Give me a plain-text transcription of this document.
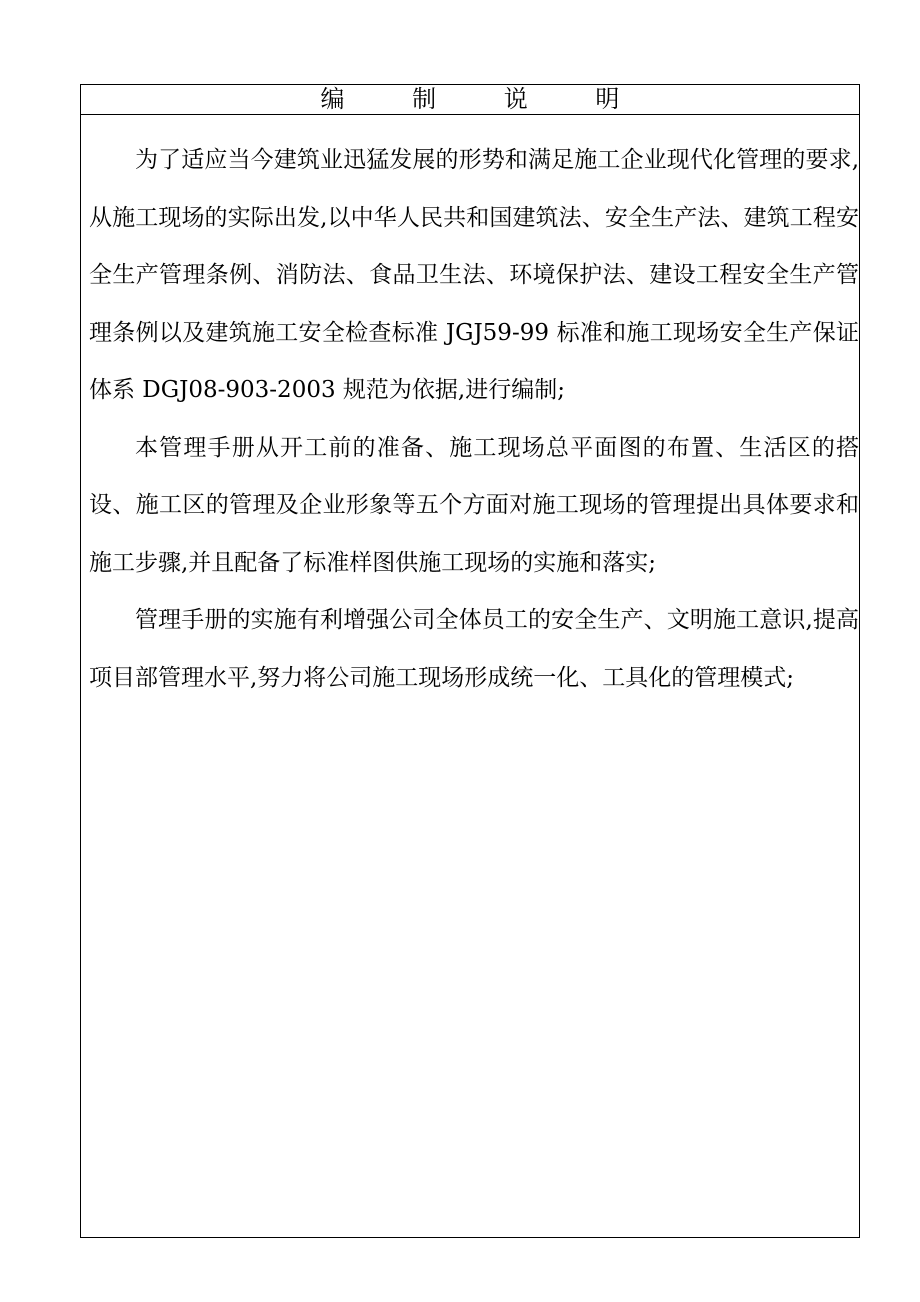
编 制 说 明

为了适应当今建筑业迅猛发展的形势和满足施工企业现代化管理的要求,从施工现场的实际出发,以中华人民共和国建筑法、安全生产法、建筑工程安全生产管理条例、消防法、食品卫生法、环境保护法、建设工程安全生产管理条例以及建筑施工安全检查标准 JGJ59-99 标准和施工现场安全生产保证体系 DGJ08-903-2003 规范为依据,进行编制;

本管理手册从开工前的准备、施工现场总平面图的布置、生活区的搭设、施工区的管理及企业形象等五个方面对施工现场的管理提出具体要求和施工步骤,并且配备了标准样图供施工现场的实施和落实;

管理手册的实施有利增强公司全体员工的安全生产、文明施工意识,提高项目部管理水平,努力将公司施工现场形成统一化、工具化的管理模式;
